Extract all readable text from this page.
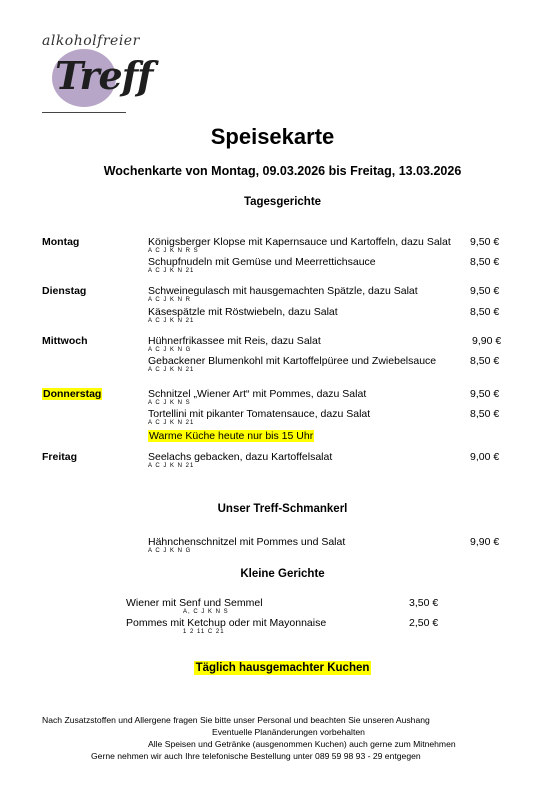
alkoholfreier
Treff
Speisekarte
Wochenkarte von Montag, 09.03.2026 bis Freitag, 13.03.2026
Tagesgerichte
Montag	Königsberger Klopse mit Kapernsauce und Kartoffeln, dazu Salat 9,50 €
A C J K N R S
Schupfnudeln mit Gemüse und Meerrettichsauce	8,50 €
A C J K N 21
Dienstag	Schweinegulasch mit hausgemachten Spätzle, dazu Salat	9,50 €
A C J K N R
Käsespätzle mit Röstwiebeln, dazu Salat	8,50 €
A C J K N 21
Mittwoch	Hühnerfrikassee mit Reis, dazu Salat	9,90 €
A C J K N G
Gebackener Blumenkohl mit Kartoffelpüree und Zwiebelsauce	8,50 €
A C J K N 21
Donnerstag	Schnitzel „Wiener Art“ mit Pommes, dazu Salat	9,50 €
A C J K N S
Tortellini mit pikanter Tomatensauce, dazu Salat	8,50 €
A C J K N 21
Warme Küche heute nur bis 15 Uhr
Freitag	Seelachs gebacken, dazu Kartoffelsalat	9,00 €
A C J K N 21
Unser Treff-Schmankerl
Hähnchenschnitzel mit Pommes und Salat	9,90 €
A C J K N G
Kleine Gerichte
Wiener mit Senf und Semmel	3,50 €
A, C J K N S
Pommes mit Ketchup oder mit Mayonnaise	2,50 €
1 2 11 C 21
Täglich hausgemachter Kuchen
Nach Zusatzstoffen und Allergene fragen Sie bitte unser Personal und beachten Sie unseren Aushang
Eventuelle Planänderungen vorbehalten
Alle Speisen und Getränke (ausgenommen Kuchen) auch gerne zum Mitnehmen
Gerne nehmen wir auch Ihre telefonische Bestellung unter 089 59 98 93 - 29 entgegen
